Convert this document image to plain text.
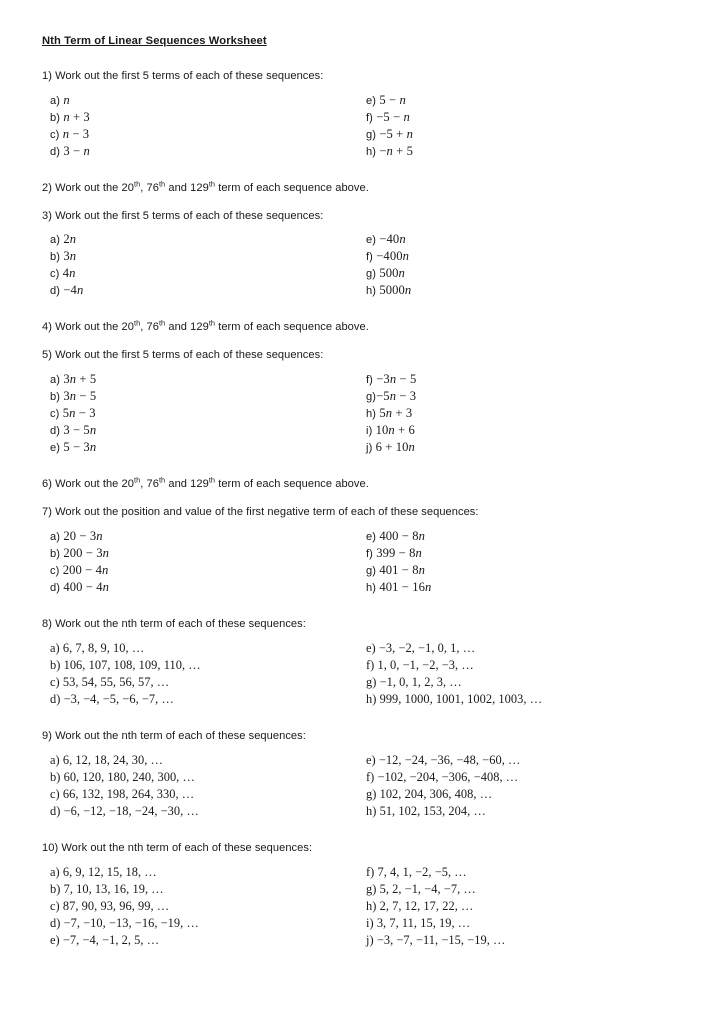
Nth Term of Linear Sequences Worksheet

1) Work out the first 5 terms of each of these sequences:

a) n	e) 5 − n
b) n + 3	f) −5 − n
c) n − 3	g) −5 + n
d) 3 − n	h) −n + 5

2) Work out the 20th, 76th and 129th term of each sequence above.

3) Work out the first 5 terms of each of these sequences:

a) 2n	e) −40n
b) 3n	f) −400n
c) 4n	g) 500n
d) −4n	h) 5000n

4) Work out the 20th, 76th and 129th term of each sequence above.

5) Work out the first 5 terms of each of these sequences:

a) 3n + 5	f) −3n − 5
b) 3n − 5	g)−5n − 3
c) 5n − 3	h) 5n + 3
d) 3 − 5n	i) 10n + 6
e) 5 − 3n	j) 6 + 10n

6) Work out the 20th, 76th and 129th term of each sequence above.

7) Work out the position and value of the first negative term of each of these sequences:

a) 20 − 3n	e) 400 − 8n
b) 200 − 3n	f) 399 − 8n
c) 200 − 4n	g) 401 − 8n
d) 400 − 4n	h) 401 − 16n

8) Work out the nth term of each of these sequences:

a) 6, 7, 8, 9, 10, …	e) −3, −2, −1, 0, 1, …
b) 106, 107, 108, 109, 110, …	f) 1, 0, −1, −2, −3, …
c) 53, 54, 55, 56, 57, …	g) −1, 0, 1, 2, 3, …
d) −3, −4, −5, −6, −7, …	h) 999, 1000, 1001, 1002, 1003, …

9) Work out the nth term of each of these sequences:

a) 6, 12, 18, 24, 30, …	e) −12, −24, −36, −48, −60, …
b) 60, 120, 180, 240, 300, …	f) −102, −204, −306, −408, …
c) 66, 132, 198, 264, 330, …	g) 102, 204, 306, 408, …
d) −6, −12, −18, −24, −30, …	h) 51, 102, 153, 204, …

10) Work out the nth term of each of these sequences:

a) 6, 9, 12, 15, 18, …	f) 7, 4, 1, −2, −5, …
b) 7, 10, 13, 16, 19, …	g) 5, 2, −1, −4, −7, …
c) 87, 90, 93, 96, 99, …	h) 2, 7, 12, 17, 22, …
d) −7, −10, −13, −16, −19, …	i) 3, 7, 11, 15, 19, …
e) −7, −4, −1, 2, 5, …	j) −3, −7, −11, −15, −19, …
